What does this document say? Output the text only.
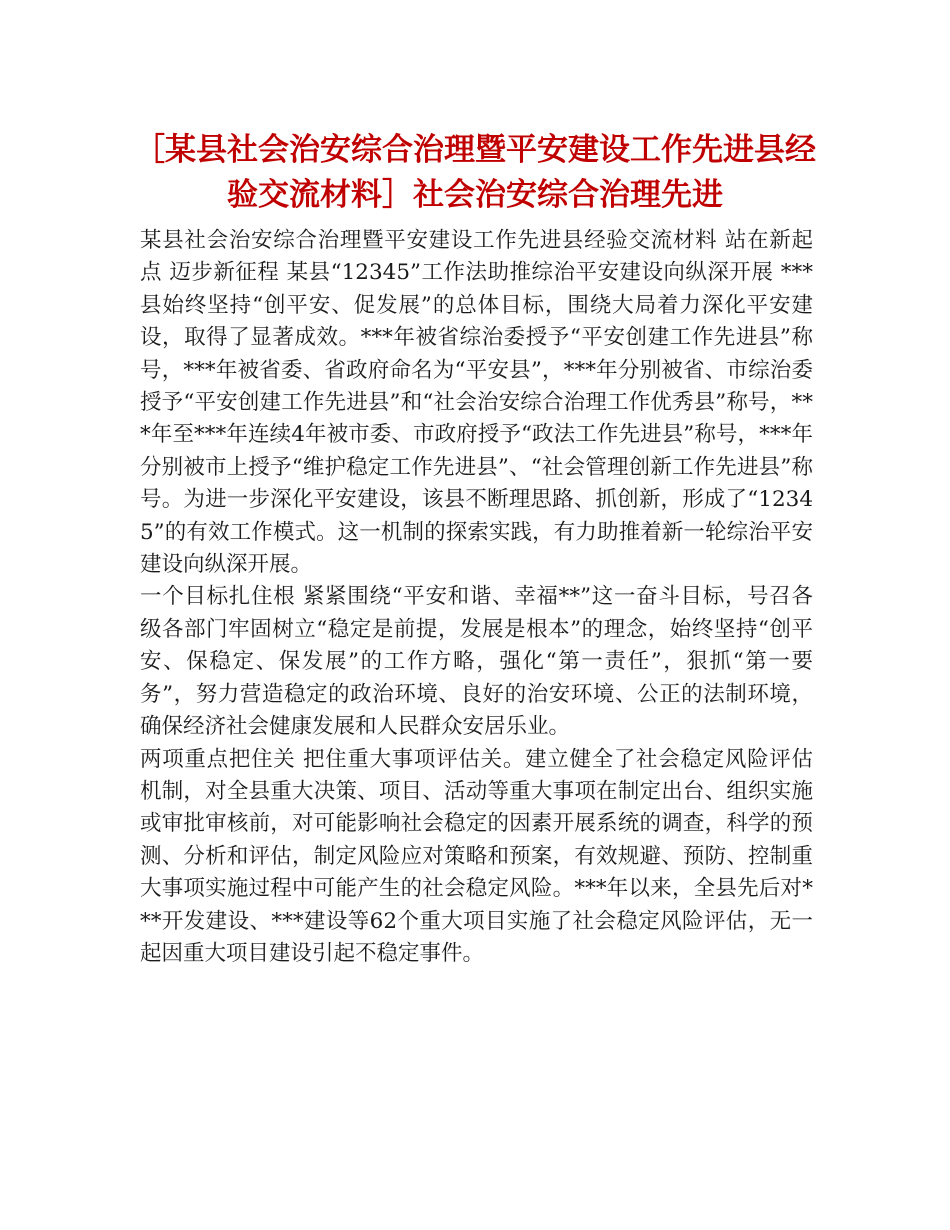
［某县社会治安综合治理暨平安建设工作先进县经验交流材料］社会治安综合治理先进

某县社会治安综合治理暨平安建设工作先进县经验交流材料 站在新起点 迈步新征程 某县“12345”工作法助推综治平安建设向纵深开展 ***县始终坚持“创平安、促发展”的总体目标，围绕大局着力深化平安建设，取得了显著成效。***年被省综治委授予“平安创建工作先进县”称号，***年被省委、省政府命名为“平安县”，***年分别被省、市综治委授予“平安创建工作先进县”和“社会治安综合治理工作优秀县”称号，***年至***年连续4年被市委、市政府授予“政法工作先进县”称号，***年分别被市上授予“维护稳定工作先进县”、“社会管理创新工作先进县”称号。为进一步深化平安建设，该县不断理思路、抓创新，形成了“12345”的有效工作模式。这一机制的探索实践，有力助推着新一轮综治平安建设向纵深开展。

一个目标扎住根 紧紧围绕“平安和谐、幸福**”这一奋斗目标，号召各级各部门牢固树立“稳定是前提，发展是根本”的理念，始终坚持“创平安、保稳定、保发展”的工作方略，强化“第一责任”，狠抓“第一要务”，努力营造稳定的政治环境、良好的治安环境、公正的法制环境，确保经济社会健康发展和人民群众安居乐业。

两项重点把住关 把住重大事项评估关。建立健全了社会稳定风险评估机制，对全县重大决策、项目、活动等重大事项在制定出台、组织实施或审批审核前，对可能影响社会稳定的因素开展系统的调查，科学的预测、分析和评估，制定风险应对策略和预案，有效规避、预防、控制重大事项实施过程中可能产生的社会稳定风险。***年以来，全县先后对***开发建设、***建设等62个重大项目实施了社会稳定风险评估，无一起因重大项目建设引起不稳定事件。
